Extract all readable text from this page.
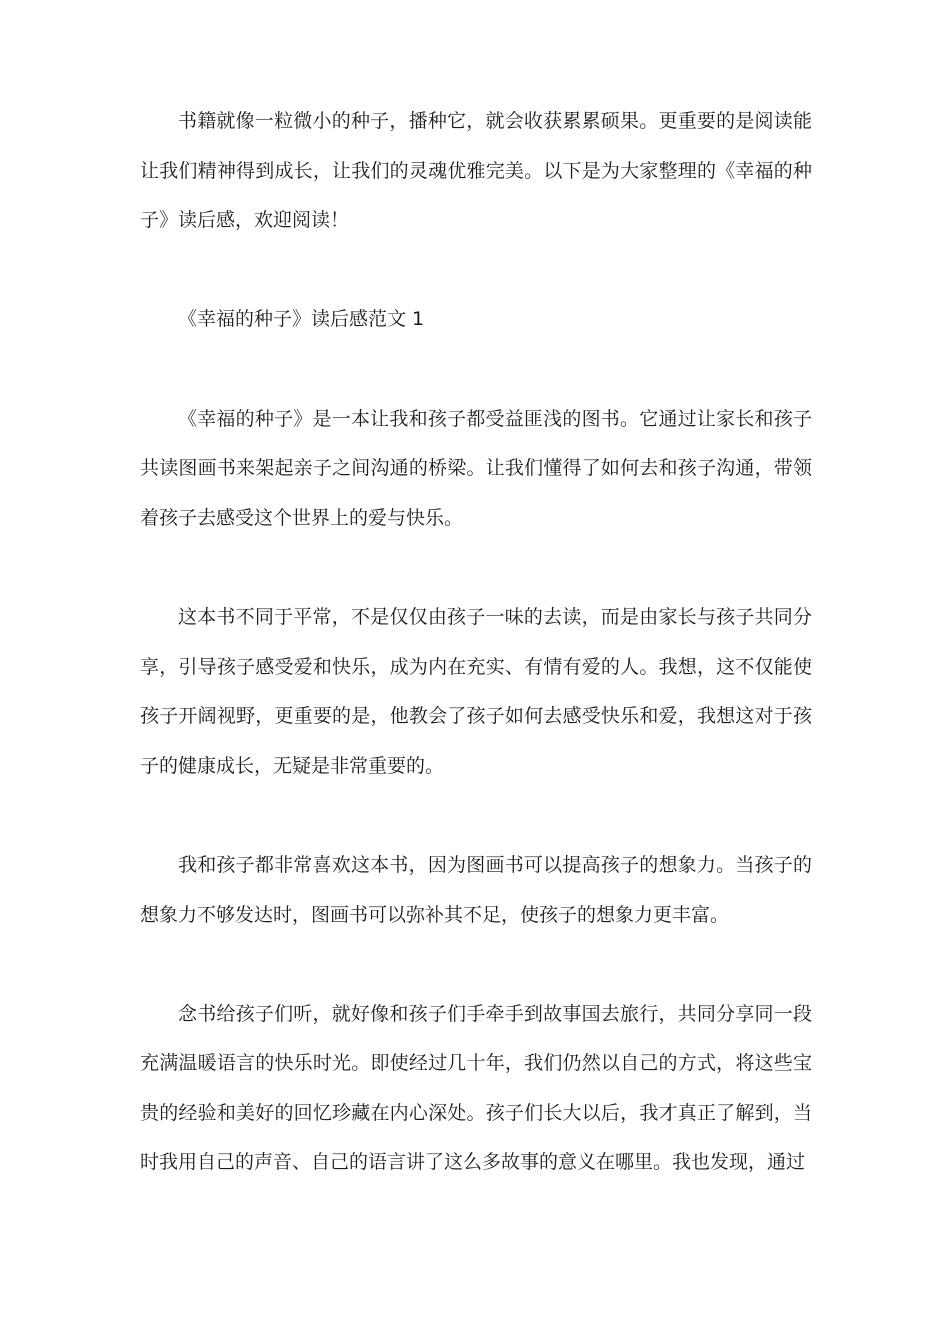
书籍就像一粒微小的种子，播种它，就会收获累累硕果。更重要的是阅读能让我们精神得到成长，让我们的灵魂优雅完美。以下是为大家整理的《幸福的种子》读后感，欢迎阅读！

《幸福的种子》读后感范文 1

《幸福的种子》是一本让我和孩子都受益匪浅的图书。它通过让家长和孩子共读图画书来架起亲子之间沟通的桥梁。让我们懂得了如何去和孩子沟通，带领着孩子去感受这个世界上的爱与快乐。

这本书不同于平常，不是仅仅由孩子一味的去读，而是由家长与孩子共同分享，引导孩子感受爱和快乐，成为内在充实、有情有爱的人。我想，这不仅能使孩子开阔视野，更重要的是，他教会了孩子如何去感受快乐和爱，我想这对于孩子的健康成长，无疑是非常重要的。

我和孩子都非常喜欢这本书，因为图画书可以提高孩子的想象力。当孩子的想象力不够发达时，图画书可以弥补其不足，使孩子的想象力更丰富。

念书给孩子们听，就好像和孩子们手牵手到故事国去旅行，共同分享同一段充满温暖语言的快乐时光。即使经过几十年，我们仍然以自己的方式，将这些宝贵的经验和美好的回忆珍藏在内心深处。孩子们长大以后，我才真正了解到，当时我用自己的声音、自己的语言讲了这么多故事的意义在哪里。我也发现，通过
